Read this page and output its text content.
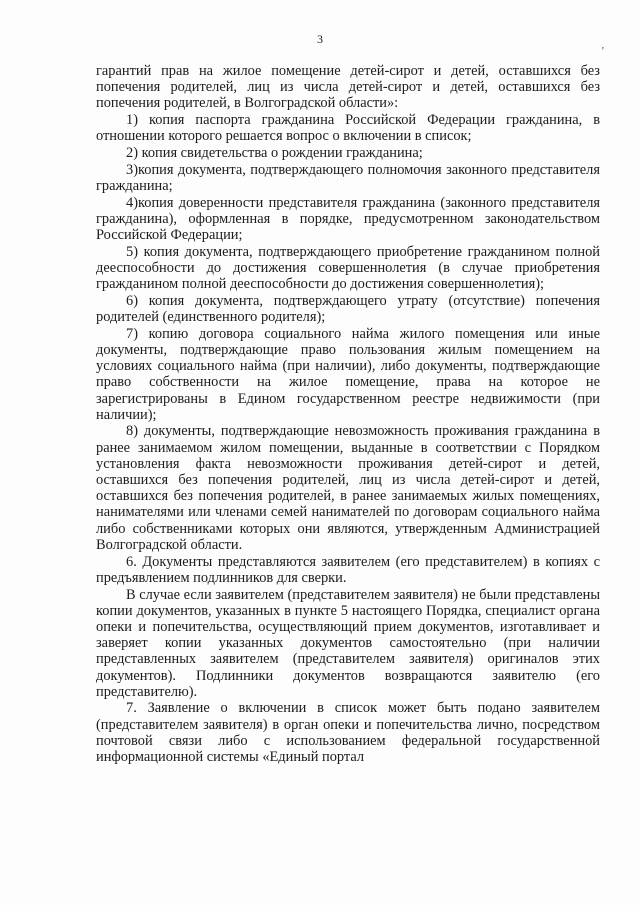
3
'

гарантий прав на жилое помещение детей-сирот и детей, оставшихся без попечения родителей, лиц из числа детей-сирот и детей, оставшихся без попечения родителей, в Волгоградской области»:

1) копия паспорта гражданина Российской Федерации гражданина, в отношении которого решается вопрос о включении в список;

2) копия свидетельства о рождении гражданина;

3)копия документа, подтверждающего полномочия законного представителя гражданина;

4)копия доверенности представителя гражданина (законного представителя гражданина), оформленная в порядке, предусмотренном законодательством Российской Федерации;

5) копия документа, подтверждающего приобретение гражданином полной дееспособности до достижения совершеннолетия (в случае приобретения гражданином полной дееспособности до достижения совершеннолетия);

6) копия документа, подтверждающего утрату (отсутствие) попечения родителей (единственного родителя);

7) копию договора социального найма жилого помещения или иные документы, подтверждающие право пользования жилым помещением на условиях социального найма (при наличии), либо документы, подтверждающие право собственности на жилое помещение, права на которое не зарегистрированы в Едином государственном реестре недвижимости (при наличии);

8) документы, подтверждающие невозможность проживания гражданина в ранее занимаемом жилом помещении, выданные в соответствии с Порядком установления факта невозможности проживания детей-сирот и детей, оставшихся без попечения родителей, лиц из числа детей-сирот и детей, оставшихся без попечения родителей, в ранее занимаемых жилых помещениях, нанимателями или членами семей нанимателей по договорам социального найма либо собственниками которых они являются, утвержденным Администрацией Волгоградской области.

6. Документы представляются заявителем (его представителем) в копиях с предъявлением подлинников для сверки.

В случае если заявителем (представителем заявителя) не были представлены копии документов, указанных в пункте 5 настоящего Порядка, специалист органа опеки и попечительства, осуществляющий прием документов, изготавливает и заверяет копии указанных документов самостоятельно (при наличии представленных заявителем (представителем заявителя) оригиналов этих документов). Подлинники документов возвращаются заявителю (его представителю).

7. Заявление о включении в список может быть подано заявителем (представителем заявителя) в орган опеки и попечительства лично, посредством почтовой связи либо с использованием федеральной государственной информационной системы «Единый портал
